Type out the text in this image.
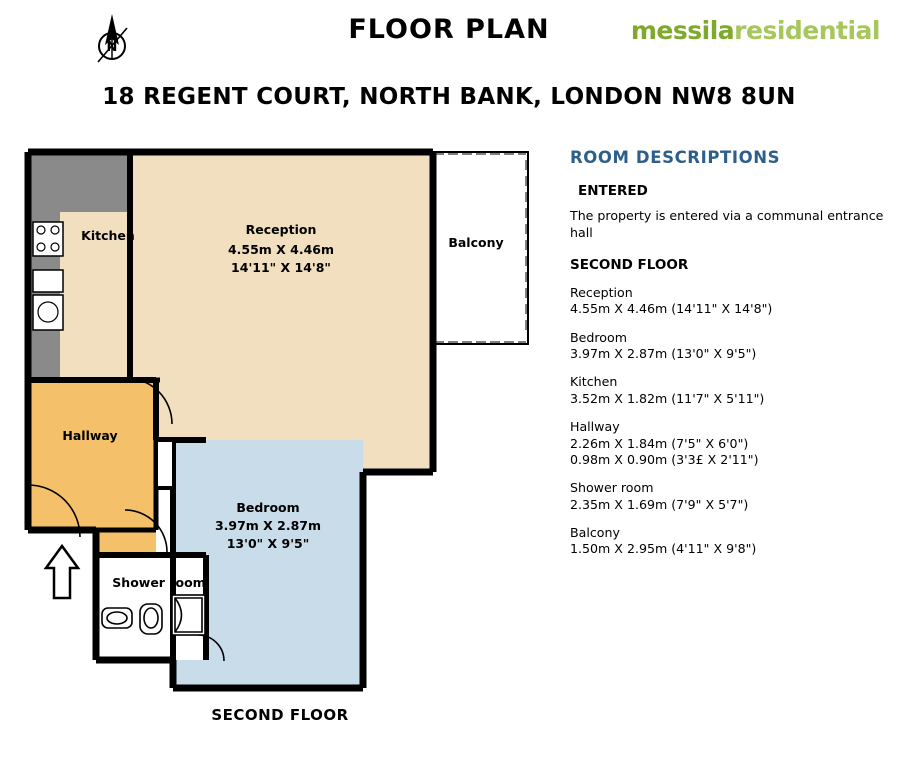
N
FLOOR PLAN	messilaresidential
18 REGENT COURT, NORTH BANK, LONDON NW8 8UN
Kitchen	Reception
4.55m X 4.46m
14'11" X 14'8"
Balcony
Hallway
Bedroom
3.97m X 2.87m
13'0" X 9'5"
Shower room
SECOND FLOOR
ROOM DESCRIPTIONS
ENTERED
The property is entered via a communal entrance hall
SECOND FLOOR
Reception
4.55m X 4.46m (14'11" X 14'8")
Bedroom
3.97m X 2.87m (13'0" X 9'5")
Kitchen
3.52m X 1.82m (11'7" X 5'11")
Hallway
2.26m X 1.84m (7'5" X 6'0")
0.98m X 0.90m (3'3£ X 2'11")
Shower room
2.35m X 1.69m (7'9" X 5'7")
Balcony
1.50m X 2.95m (4'11" X 9'8")
